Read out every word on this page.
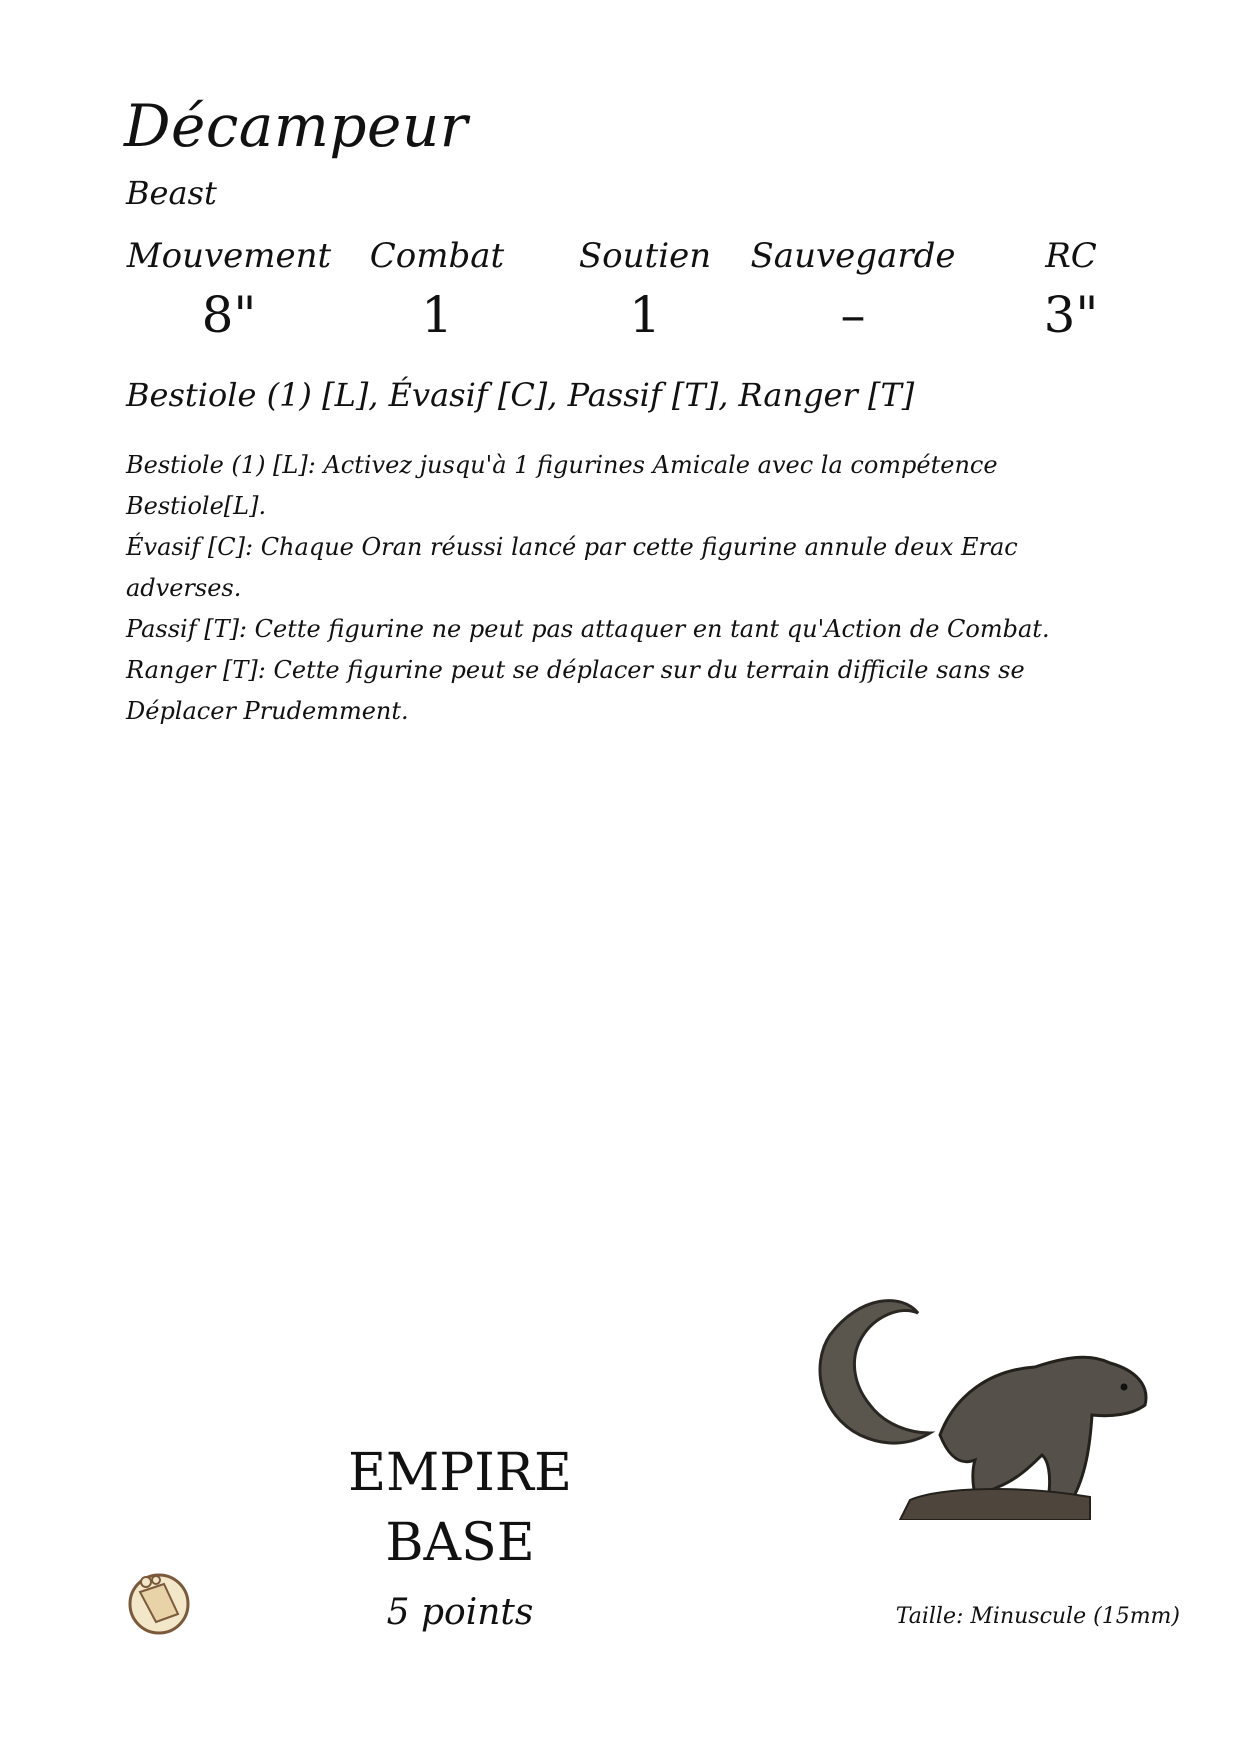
Décampeur
Beast
Mouvement
8"
Combat
1
Soutien
1
Sauvegarde
–
RC
3"
Bestiole (1) [L], Évasif [C], Passif [T], Ranger [T]

Bestiole (1) [L]: Activez jusqu'à 1 figurines Amicale avec la compétence Bestiole[L].

Évasif [C]: Chaque Oran réussi lancé par cette figurine annule deux Erac adverses.

Passif [T]: Cette figurine ne peut pas attaquer en tant qu'Action de Combat.

Ranger [T]: Cette figurine peut se déplacer sur du terrain difficile sans se Déplacer Prudemment.

EMPIRE
BASE
5 points	Taille: Minuscule (15mm)
